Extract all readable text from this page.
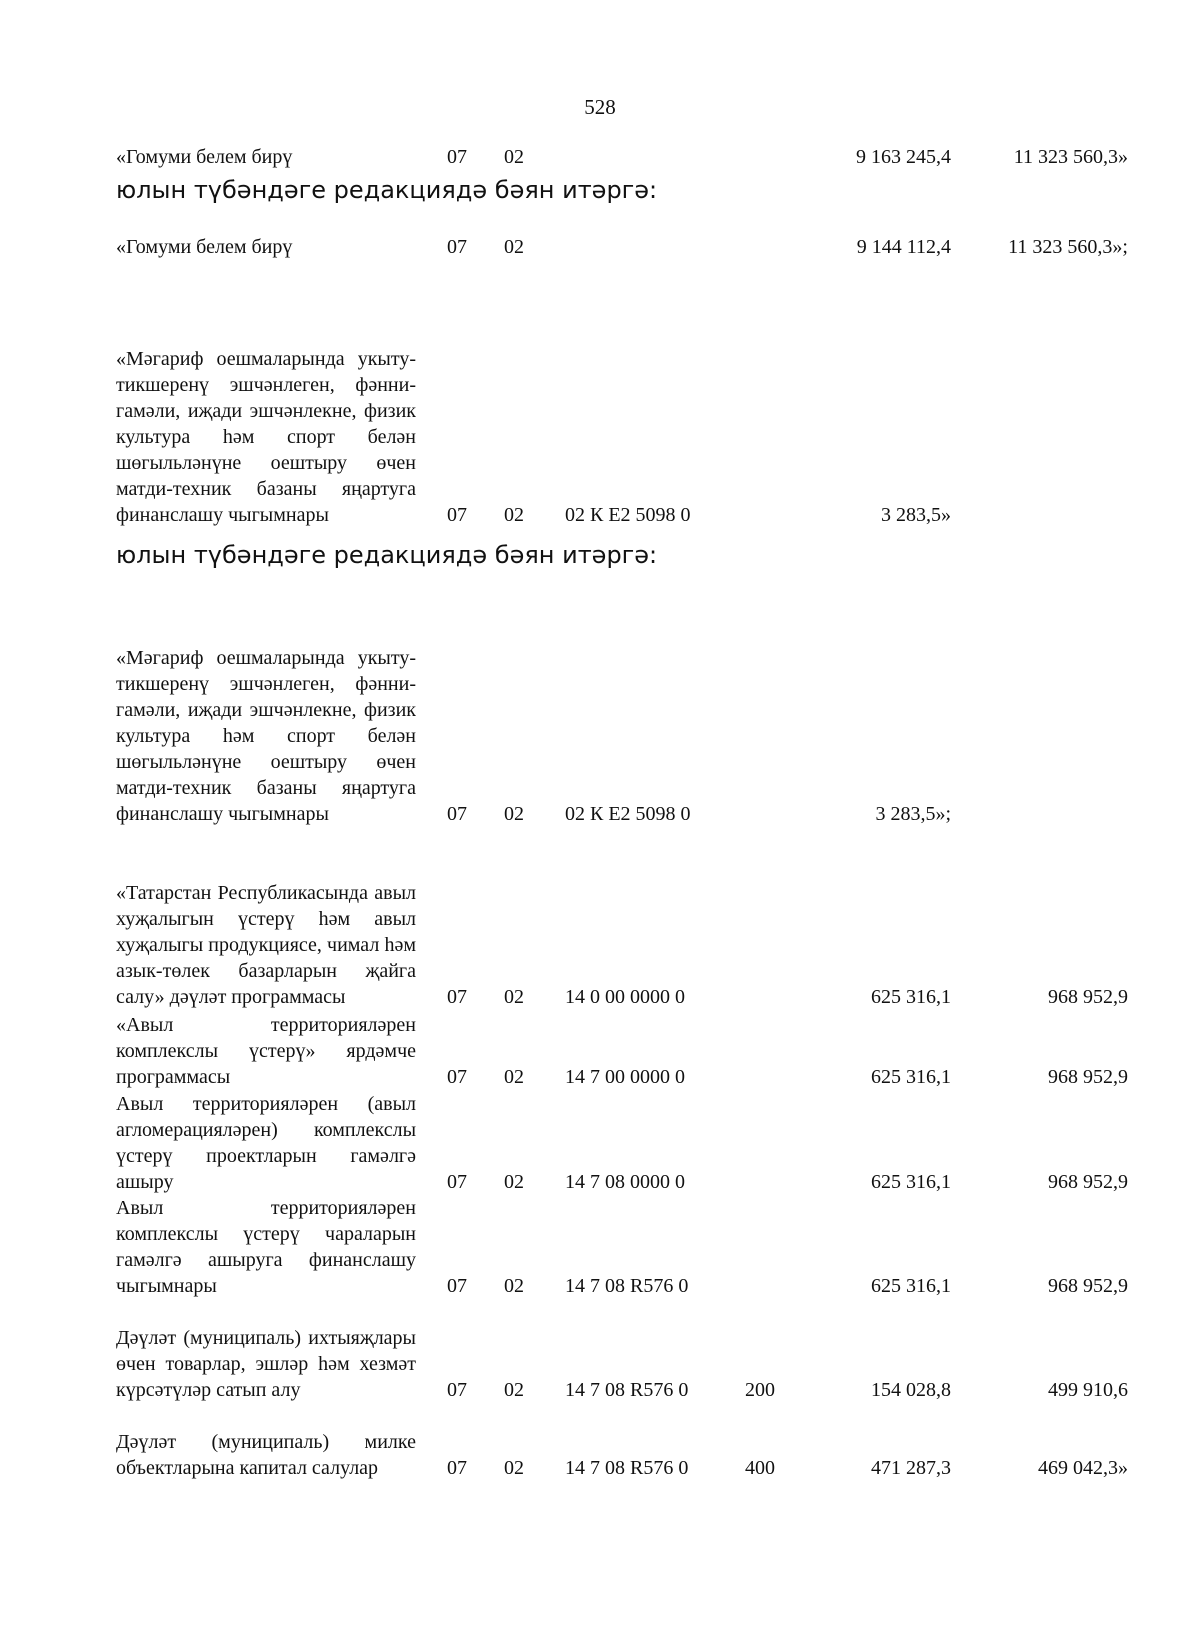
528
«Гомуми белем бирү	07 02	9 163 245,4	11 323 560,3»
юлын түбәндәге редакциядә бәян итәргә:
«Гомуми белем бирү	07 02	9 144 112,4	11 323 560,3»;
«Мәгариф оешмаларында укыту-тикшеренү эшчәнлеген, фәнни-гамәли, иҗади эшчәнлекне, физик культура һәм спорт белән шөгыльләнүне оештыру өчен матди-техник базаны яңартуга финанслашу чыгымнары	07 02 02 К Е2 5098 0	3 283,5»
юлын түбәндәге редакциядә бәян итәргә:
«Мәгариф оешмаларында укыту-тикшеренү эшчәнлеген, фәнни-гамәли, иҗади эшчәнлекне, физик культура һәм спорт белән шөгыльләнүне оештыру өчен матди-техник базаны яңартуга финанслашу чыгымнары	07 02 02 К Е2 5098 0	3 283,5»;
«Татарстан Республикасында авыл хуҗалыгын үстерү һәм авыл хуҗалыгы продукциясе, чимал һәм азык-төлек базарларын җайга салу» дәүләт программасы	07 02 14 0 00 0000 0	625 316,1	968 952,9
«Авыл территорияләрен комплекслы үстерү» ярдәмче программасы	07 02 14 7 00 0000 0	625 316,1	968 952,9
Авыл территорияләрен (авыл агломерацияләрен) комплекслы үстерү проектларын гамәлгә ашыру	07 02 14 7 08 0000 0	625 316,1	968 952,9
Авыл территорияләрен комплекслы үстерү чараларын гамәлгә ашыруга финанслашу чыгымнары	07 02 14 7 08 R576 0	625 316,1	968 952,9
Дәүләт (муниципаль) ихтыяҗлары өчен товарлар, эшләр һәм хезмәт күрсәтүләр сатып алу	07 02 14 7 08 R576 0	200	154 028,8	499 910,6
Дәүләт (муниципаль) милке объектларына капитал салулар	07 02 14 7 08 R576 0	400	471 287,3	469 042,3»
